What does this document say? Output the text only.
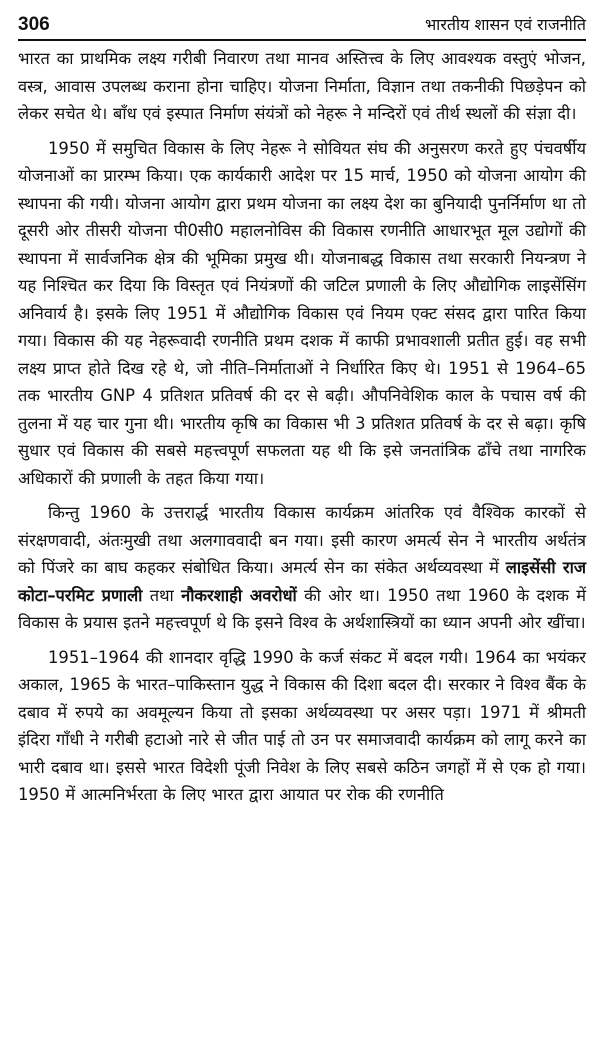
306	भारतीय शासन एवं राजनीति

भारत का प्राथमिक लक्ष्य गरीबी निवारण तथा मानव अस्तित्त्व के लिए आवश्यक वस्तुएं भोजन, वस्त्र, आवास उपलब्ध कराना होना चाहिए। योजना निर्माता, विज्ञान तथा तकनीकी पिछड़ेपन को लेकर सचेत थे। बाँध एवं इस्पात निर्माण संयंत्रों को नेहरू ने मन्दिरों एवं तीर्थ स्थलों की संज्ञा दी।

1950 में समुचित विकास के लिए नेहरू ने सोवियत संघ की अनुसरण करते हुए पंचवर्षीय योजनाओं का प्रारम्भ किया। एक कार्यकारी आदेश पर 15 मार्च, 1950 को योजना आयोग की स्थापना की गयी। योजना आयोग द्वारा प्रथम योजना का लक्ष्य देश का बुनियादी पुनर्निर्माण था तो दूसरी ओर तीसरी योजना पी0सी0 महालनोविस की विकास रणनीति आधारभूत मूल उद्योगों की स्थापना में सार्वजनिक क्षेत्र की भूमिका प्रमुख थी। योजनाबद्ध विकास तथा सरकारी नियन्त्रण ने यह निश्चित कर दिया कि विस्तृत एवं नियंत्रणों की जटिल प्रणाली के लिए औद्योगिक लाइसेंसिंग अनिवार्य है। इसके लिए 1951 में औद्योगिक विकास एवं नियम एक्ट संसद द्वारा पारित किया गया। विकास की यह नेहरूवादी रणनीति प्रथम दशक में काफी प्रभावशाली प्रतीत हुई। वह सभी लक्ष्य प्राप्त होते दिख रहे थे, जो नीति–निर्माताओं ने निर्धारित किए थे। 1951 से 1964–65 तक भारतीय GNP 4 प्रतिशत प्रतिवर्ष की दर से बढ़ी। औपनिवेशिक काल के पचास वर्ष की तुलना में यह चार गुना थी। भारतीय कृषि का विकास भी 3 प्रतिशत प्रतिवर्ष के दर से बढ़ा। कृषि सुधार एवं विकास की सबसे महत्त्वपूर्ण सफलता यह थी कि इसे जनतांत्रिक ढाँचे तथा नागरिक अधिकारों की प्रणाली के तहत किया गया।

किन्तु 1960 के उत्तरार्द्ध भारतीय विकास कार्यक्रम आंतरिक एवं वैश्विक कारकों से संरक्षणवादी, अंतःमुखी तथा अलगाववादी बन गया। इसी कारण अमर्त्य सेन ने भारतीय अर्थतंत्र को पिंजरे का बाघ कहकर संबोधित किया। अमर्त्य सेन का संकेत अर्थव्यवस्था में लाइसेंसी राज कोटा–परमिट प्रणाली तथा नौकरशाही अवरोधों की ओर था। 1950 तथा 1960 के दशक में विकास के प्रयास इतने महत्त्वपूर्ण थे कि इसने विश्व के अर्थशास्त्रियों का ध्यान अपनी ओर खींचा।

1951–1964 की शानदार वृद्धि 1990 के कर्ज संकट में बदल गयी। 1964 का भयंकर अकाल, 1965 के भारत–पाकिस्तान युद्ध ने विकास की दिशा बदल दी। सरकार ने विश्व बैंक के दबाव में रुपये का अवमूल्यन किया तो इसका अर्थव्यवस्था पर असर पड़ा। 1971 में श्रीमती इंदिरा गाँधी ने गरीबी हटाओ नारे से जीत पाई तो उन पर समाजवादी कार्यक्रम को लागू करने का भारी दबाव था। इससे भारत विदेशी पूंजी निवेश के लिए सबसे कठिन जगहों में से एक हो गया। 1950 में आत्मनिर्भरता के लिए भारत द्वारा आयात पर रोक की रणनीति
